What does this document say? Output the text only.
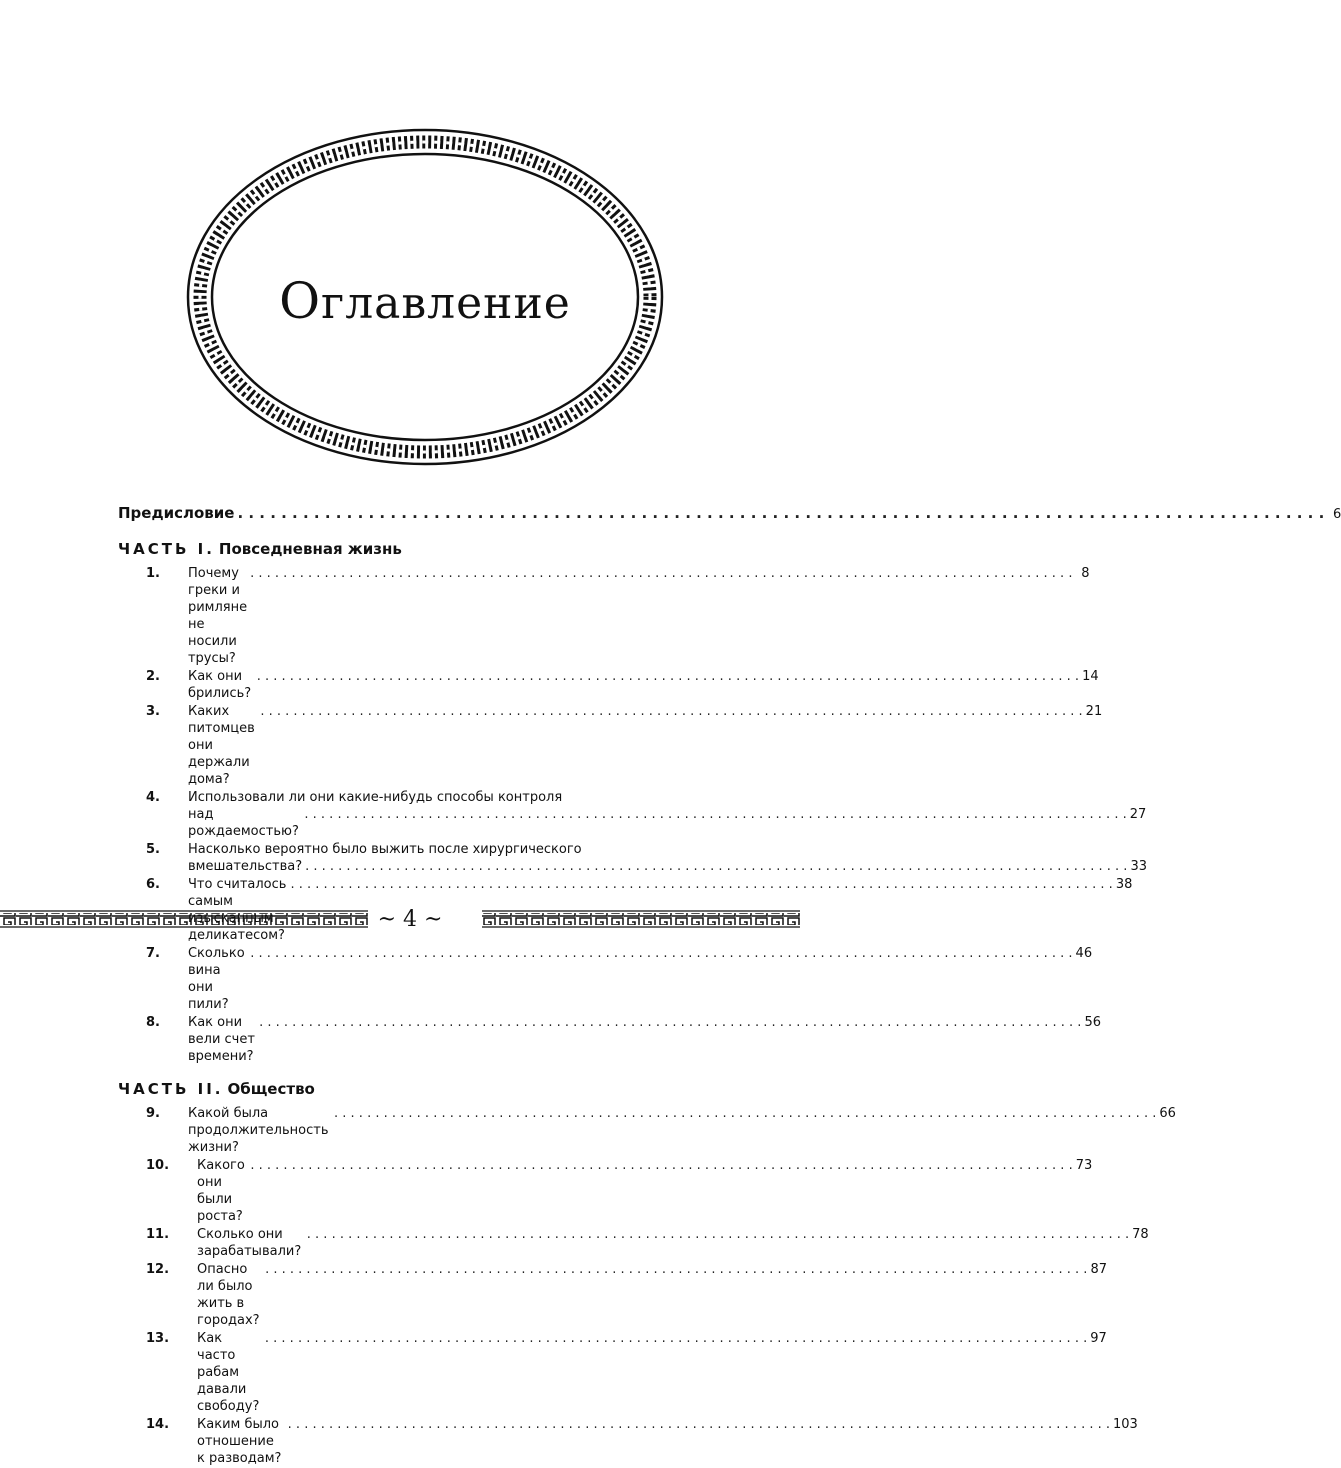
Оглавление
Предисловие . . .	6
ЧАСТЬ I. Повседневная жизнь
1. Почему греки и римляне не носили трусы?
. . .
8
2. Как они брились?
. . .
14
3. Каких питомцев они держали дома?
. . .
21
4. Использовали ли они какие-нибудь способы контроля
над рождаемостью?
. . .
27
5. Насколько вероятно было выжить после хирургического
вмешательства? . . .	33
6. Что считалось самым деликатесом?
. . .
38
7. Сколько вина они пили?
. . .
46
8. Как они вели счет времени?
. . .
56
ЧАСТЬ II. Общество
9. Какой была продолжительность жизни?
. . .
66
10. Какого они были роста?
. . .
73
11. Сколько они зарабатывали?
. . .
78
12. Опасно ли было жить в городах?
. . .
87
13. Как часто рабам давали свободу?
. . .
97
14. Каким было отношение к разводам?
. . .
103
~ 4 ~
